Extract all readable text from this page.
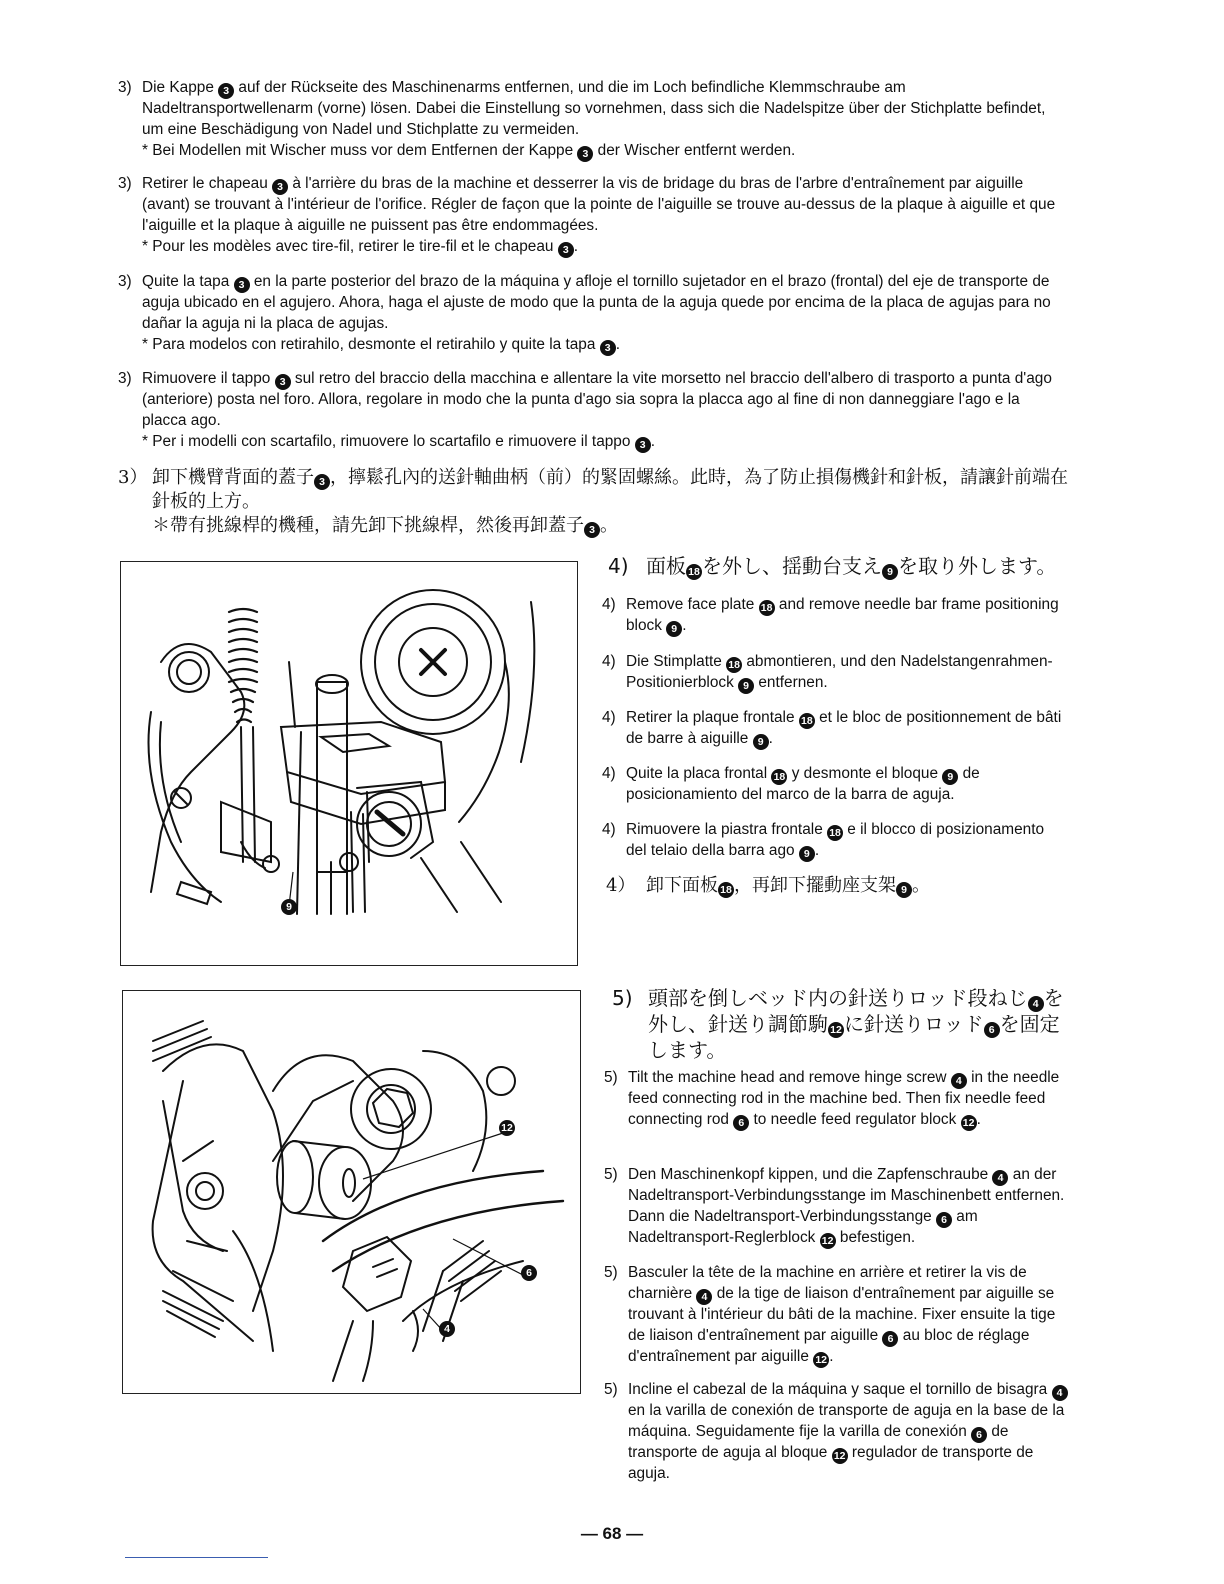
3) Die Kappe 3 auf der Rückseite des Maschinenarms entfernen, und die im Loch befindliche Klemmschraube am Nadeltransportwellenarm (vorne) lösen. Dabei die Einstellung so vornehmen, dass sich die Nadelspitze über der Stichplatte befindet, um eine Beschädigung von Nadel und Stichplatte zu vermeiden.
* Bei Modellen mit Wischer muss vor dem Entfernen der Kappe 3 der Wischer entfernt werden.
3) Retirer le chapeau 3 à l'arrière du bras de la machine et desserrer la vis de bridage du bras de l'arbre d'entraînement par aiguille (avant) se trouvant à l'intérieur de l'orifice. Régler de façon que la pointe de l'aiguille se trouve au-dessus de la plaque à aiguille et que l'aiguille et la plaque à aiguille ne puissent pas être endommagées.
* Pour les modèles avec tire-fil, retirer le tire-fil et le chapeau 3 .
3) Quite la tapa 3 en la parte posterior del brazo de la máquina y afloje el tornillo sujetador en el brazo (frontal) del eje de transporte de aguja ubicado en el agujero. Ahora, haga el ajuste de modo que la punta de la aguja quede por encima de la placa de agujas para no dañar la aguja ni la placa de agujas.
* Para modelos con retirahilo, desmonte el retirahilo y quite la tapa 3 .
3) Rimuovere il tappo 3 sul retro del braccio della macchina e allentare la vite morsetto nel braccio dell'albero di trasporto a punta d'ago (anteriore) posta nel foro. Allora, regolare in modo che la punta d'ago sia sopra la placca ago al fine di non danneggiare l'ago e la placca ago.
* Per i modelli con scartafilo, rimuovere lo scartafilo e rimuovere il tappo 3 .
3） 卸下機臂背面的蓋子 3 ，擰鬆孔內的送針軸曲柄（前）的緊固螺絲。此時，為了防止損傷機針和針板，請讓針前端在針板的上方。
＊帶有挑線桿的機種，請先卸下挑線桿，然後再卸蓋子 3 。
9
4) 面板 18 を外し、揺動台支え 9 を取り外します。
4) Remove face plate 18 and remove needle bar frame positioning block 9 .
4) Die Stimplatte 18 abmontieren, und den Nadelstangenrahmen-Positionierblock 9 entfernen.
4) Retirer la plaque frontale 18 et le bloc de positionnement de bâti de barre à aiguille 9 .
4) Quite la placa frontal 18 y desmonte el bloque 9 de posicionamiento del marco de la barra de aguja.
4) Rimuovere la piastra frontale 18 e il blocco di posizionamento del telaio della barra ago 9 .
4） 卸下面板 18 ，再卸下擺動座支架 9 。
12
6
4
5) 頭部を倒しベッド内の針送りロッド段ねじ 4 を外し、針送り調節駒 12 に針送りロッド 6 を固定します。
5) Tilt the machine head and remove hinge screw 4 in the needle feed connecting rod in the machine bed. Then fix needle feed connecting rod 6 to needle feed regulator block 12 .
5) Den Maschinenkopf kippen, und die Zapfenschraube 4 an der Nadeltransport-Verbindungsstange im Maschinenbett entfernen. Dann die Nadeltransport-Verbindungsstange 6 am Nadeltransport-Reglerblock 12 befestigen.
5) Basculer la tête de la machine en arrière et retirer la vis de charnière 4 de la tige de liaison d'entraînement par aiguille se trouvant à l'intérieur du bâti de la machine. Fixer ensuite la tige de liaison d'entraînement par aiguille 6 au bloc de réglage d'entraînement par aiguille 12 .
5) Incline el cabezal de la máquina y saque el tornillo de bisagra 4 en la varilla de conexión de transporte de aguja en la base de la máquina. Seguidamente fije la varilla de conexión 6 de transporte de aguja al bloque 12 regulador de transporte de aguja.
— 68 —
